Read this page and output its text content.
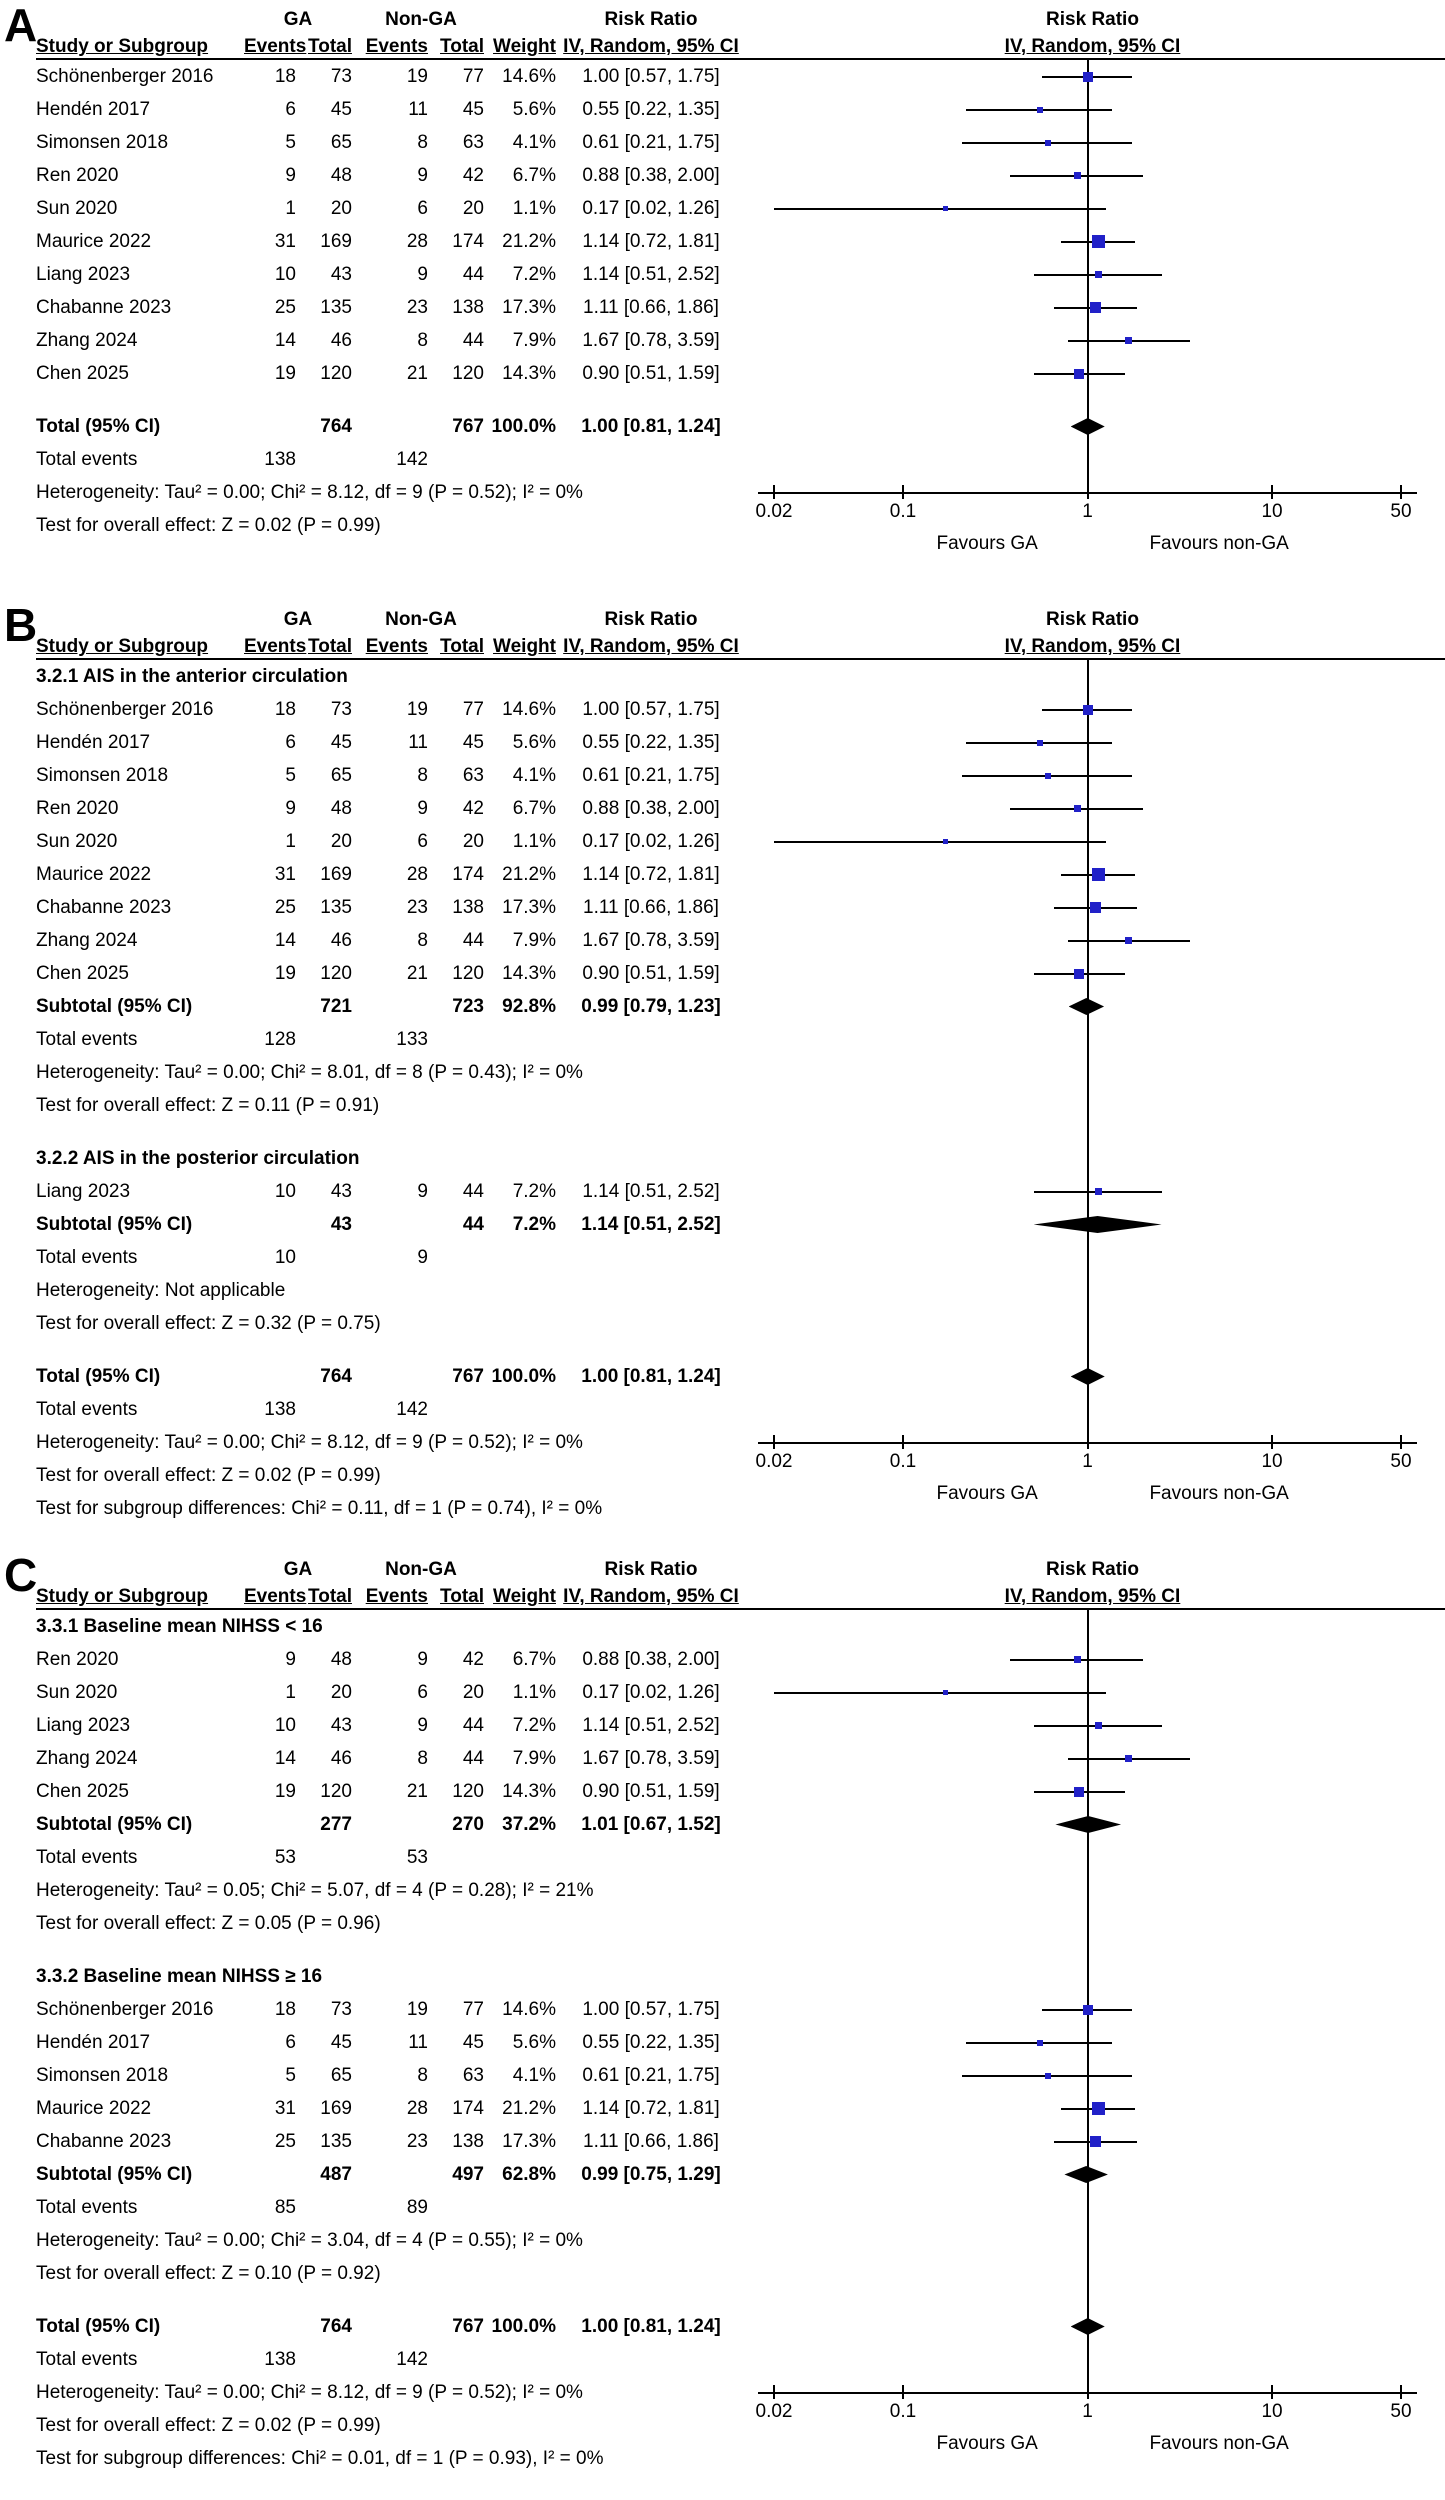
A	GA	Non-GA	Risk Ratio	Risk Ratio
Study or Subgroup	Events Total Events Total Weight IV, Random, 95% CI	IV, Random, 95% CI
Schönenberger 2016	18	73	19	77 14.6%	1.00 [0.57, 1.75]
Hendén 2017	6	45	11	45	5.6%	0.55 [0.22, 1.35]
Simonsen 2018	5	65	8	63	4.1%	0.61 [0.21, 1.75]
Ren 2020	9	48	9	42	6.7%	0.88 [0.38, 2.00]
Sun 2020	1	20	6	20	1.1%	0.17 [0.02, 1.26]
Maurice 2022	31	169	28	174 21.2%	1.14 [0.72, 1.81]
Liang 2023	10	43	9	44	7.2%	1.14 [0.51, 2.52]
Chabanne 2023	25	135	23	138 17.3%	1.11 [0.66, 1.86]
Zhang 2024	14	46	8	44	7.9%	1.67 [0.78, 3.59]
Chen 2025	19	120	21	120 14.3%	0.90 [0.51, 1.59]
Total (95% CI)	764	767 100.0%	1.00 [0.81, 1.24]
Total events	138	142
Heterogeneity: Tau² = 0.00; Chi² = 8.12, df = 9 (P = 0.52); I² = 0%
Test for overall effect: Z = 0.02 (P = 0.99)
0.02	0.1	1	10	50
Favours GA	Favours non-GA
B	GA	Non-GA	Risk Ratio	Risk Ratio
Study or Subgroup	Events Total Events Total Weight IV, Random, 95% CI	IV, Random, 95% CI
3.2.1 AIS in the anterior circulation
Schönenberger 2016	18	73	19	77 14.6%	1.00 [0.57, 1.75]
Hendén 2017	6	45	11	45	5.6%	0.55 [0.22, 1.35]
Simonsen 2018	5	65	8	63	4.1%	0.61 [0.21, 1.75]
Ren 2020	9	48	9	42	6.7%	0.88 [0.38, 2.00]
Sun 2020	1	20	6	20	1.1%	0.17 [0.02, 1.26]
Maurice 2022	31	169	28	174 21.2%	1.14 [0.72, 1.81]
Chabanne 2023	25	135	23	138 17.3%	1.11 [0.66, 1.86]
Zhang 2024	14	46	8	44	7.9%	1.67 [0.78, 3.59]
Chen 2025	19	120	21	120 14.3%	0.90 [0.51, 1.59]
Subtotal (95% CI)	721	723 92.8%	0.99 [0.79, 1.23]
Total events	128	133
Heterogeneity: Tau² = 0.00; Chi² = 8.01, df = 8 (P = 0.43); I² = 0%
Test for overall effect: Z = 0.11 (P = 0.91)
3.2.2 AIS in the posterior circulation
Liang 2023	10	43	9	44	7.2%	1.14 [0.51, 2.52]
Subtotal (95% CI)	43	44	7.2%	1.14 [0.51, 2.52]
Total events	10	9
Heterogeneity: Not applicable
Test for overall effect: Z = 0.32 (P = 0.75)
Total (95% CI)	764	767 100.0%	1.00 [0.81, 1.24]
Total events	138	142
Heterogeneity: Tau² = 0.00; Chi² = 8.12, df = 9 (P = 0.52); I² = 0%
Test for overall effect: Z = 0.02 (P = 0.99)
Test for subgroup differences: Chi² = 0.11, df = 1 (P = 0.74), I² = 0%
0.02	0.1	1	10	50
Favours GA	Favours non-GA
C	GA	Non-GA	Risk Ratio	Risk Ratio
Study or Subgroup	Events Total Events Total Weight IV, Random, 95% CI	IV, Random, 95% CI
3.3.1 Baseline mean NIHSS < 16
Ren 2020	9	48	9	42	6.7%	0.88 [0.38, 2.00]
Sun 2020	1	20	6	20	1.1%	0.17 [0.02, 1.26]
Liang 2023	10	43	9	44	7.2%	1.14 [0.51, 2.52]
Zhang 2024	14	46	8	44	7.9%	1.67 [0.78, 3.59]
Chen 2025	19	120	21	120 14.3%	0.90 [0.51, 1.59]
Subtotal (95% CI)	277	270 37.2%	1.01 [0.67, 1.52]
Total events	53	53
Heterogeneity: Tau² = 0.05; Chi² = 5.07, df = 4 (P = 0.28); I² = 21%
Test for overall effect: Z = 0.05 (P = 0.96)
3.3.2 Baseline mean NIHSS ≥ 16
Schönenberger 2016	18	73	19	77 14.6%	1.00 [0.57, 1.75]
Hendén 2017	6	45	11	45	5.6%	0.55 [0.22, 1.35]
Simonsen 2018	5	65	8	63	4.1%	0.61 [0.21, 1.75]
Maurice 2022	31	169	28	174 21.2%	1.14 [0.72, 1.81]
Chabanne 2023	25	135	23	138 17.3%	1.11 [0.66, 1.86]
Subtotal (95% CI)	487	497 62.8%	0.99 [0.75, 1.29]
Total events	85	89
Heterogeneity: Tau² = 0.00; Chi² = 3.04, df = 4 (P = 0.55); I² = 0%
Test for overall effect: Z = 0.10 (P = 0.92)
Total (95% CI)	764	767 100.0%	1.00 [0.81, 1.24]
Total events	138	142
Heterogeneity: Tau² = 0.00; Chi² = 8.12, df = 9 (P = 0.52); I² = 0%
Test for overall effect: Z = 0.02 (P = 0.99)
Test for subgroup differences: Chi² = 0.01, df = 1 (P = 0.93), I² = 0%
0.02	0.1	1	10	50
Favours GA	Favours non-GA
